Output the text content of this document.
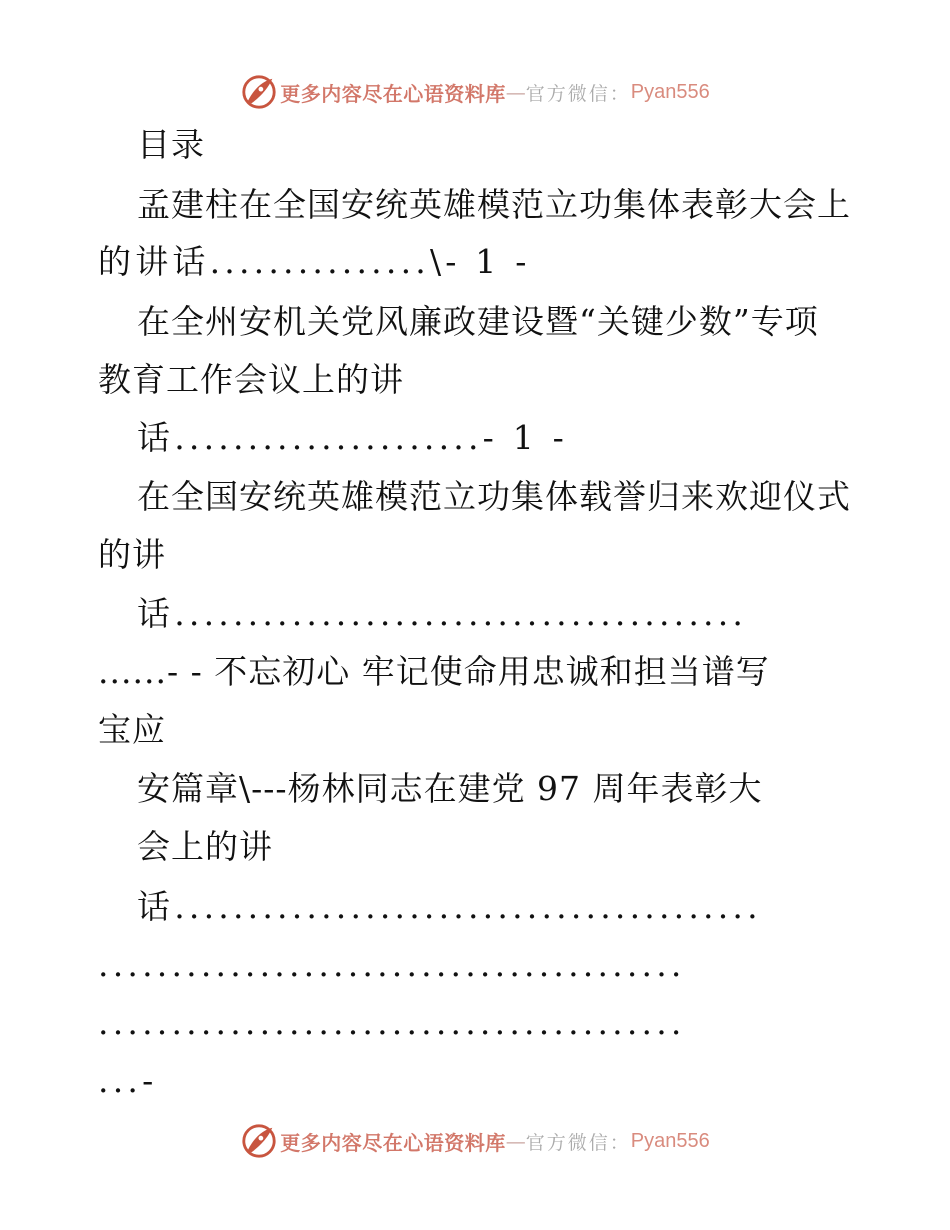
更多内容尽在心语资料库 — 官方微信： Pyan556
目录
孟建柱在全国安统英雄模范立功集体表彰大会上
的讲话...............\- 1 -
在全州安机关党风廉政建设暨“关键少数”专项
教育工作会议上的讲
话.....................- 1 -
在全国安统英雄模范立功集体载誉归来欢迎仪式
的讲
话.......................................
......- - 不忘初心 牢记使命用忠诚和担当谱写
宝应
安篇章\---杨林同志在建党 97 周年表彰大
会上的讲
话........................................
........................................
........................................
...-
更多内容尽在心语资料库 — 官方微信： Pyan556
